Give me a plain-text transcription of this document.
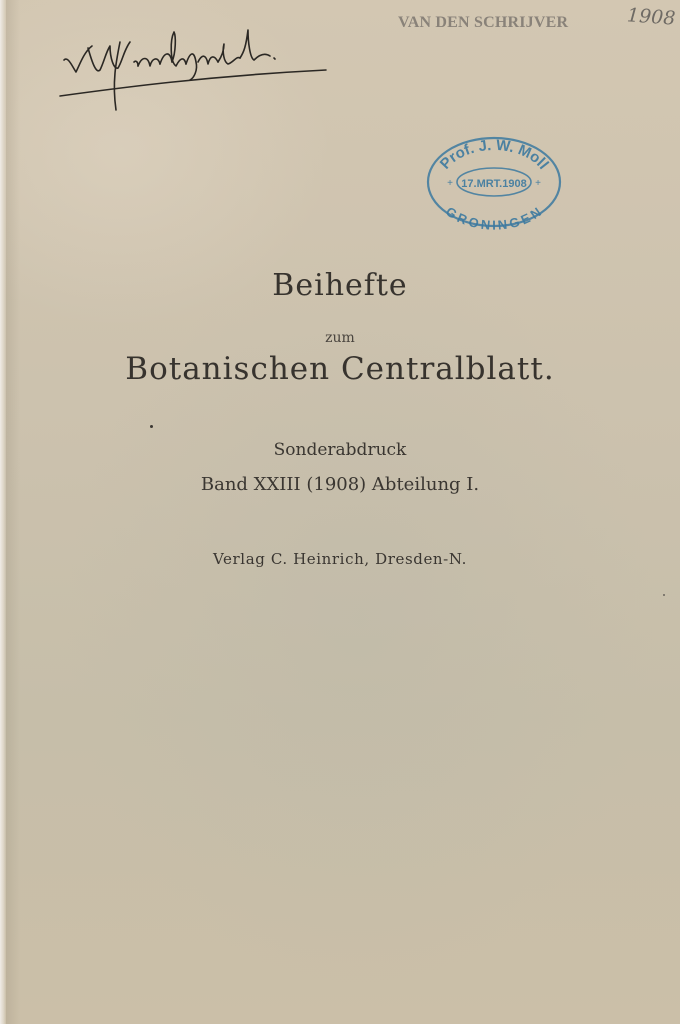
VAN DEN SCHRIJVER	1908
Prof. J. W. Moll
17.MRT.1908
+	+
GRONINGEN
Beihefte
zum
Botanischen Centralblatt.
Sonderabdruck
Band XXIII (1908) Abteilung I.
Verlag C. Heinrich, Dresden-N.
